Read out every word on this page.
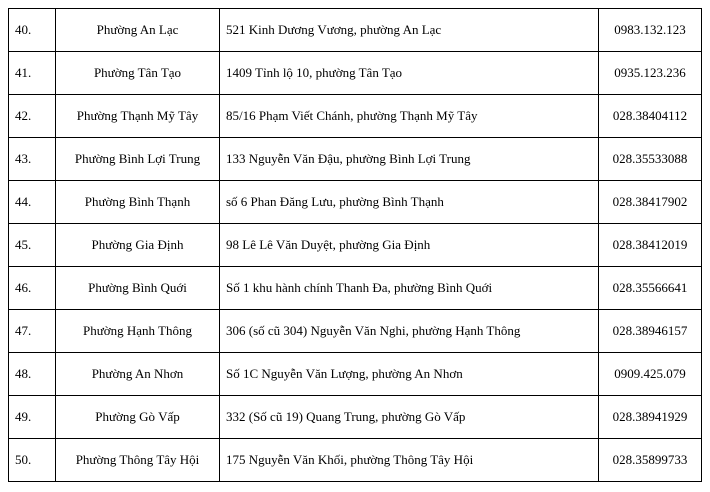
40.	Phường An Lạc	521 Kinh Dương Vương, phường An Lạc	0983.132.123
41.	Phường Tân Tạo	1409 Tỉnh lộ 10, phường Tân Tạo	0935.123.236
42.	Phường Thạnh Mỹ Tây	85/16 Phạm Viết Chánh, phường Thạnh Mỹ Tây	028.38404112
43.	Phường Bình Lợi Trung	133 Nguyễn Văn Đậu, phường Bình Lợi Trung	028.35533088
44.	Phường Bình Thạnh	số 6 Phan Đăng Lưu, phường Bình Thạnh	028.38417902
45.	Phường Gia Định	98 Lê Lê Văn Duyệt, phường Gia Định	028.38412019
46.	Phường Bình Quới	Số 1 khu hành chính Thanh Đa, phường Bình Quới	028.35566641
47.	Phường Hạnh Thông	306 (số cũ 304) Nguyễn Văn Nghi, phường Hạnh Thông	028.38946157
48.	Phường An Nhơn	Số 1C Nguyễn Văn Lượng, phường An Nhơn	0909.425.079
49.	Phường Gò Vấp	332 (Số cũ 19) Quang Trung, phường Gò Vấp	028.38941929
50.	Phường Thông Tây Hội	175 Nguyễn Văn Khối, phường Thông Tây Hội	028.35899733
